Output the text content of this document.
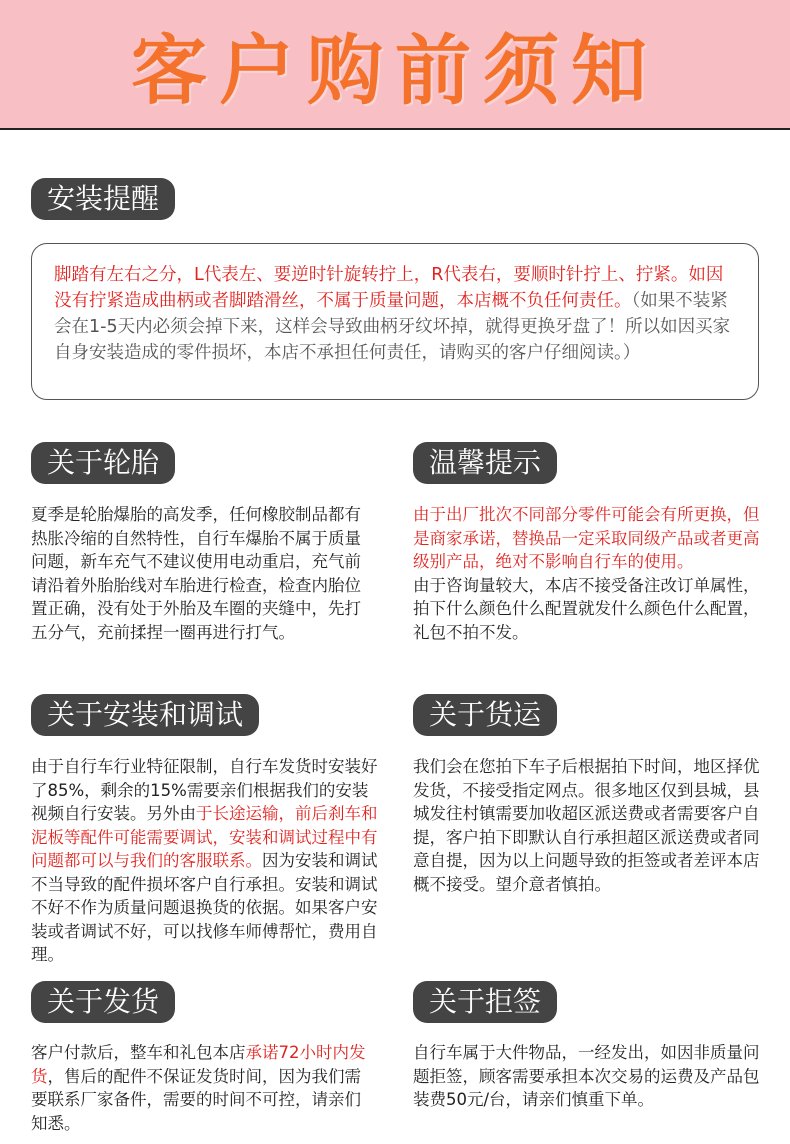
客户购前须知
安装提醒
脚踏有左右之分，L代表左、要逆时针旋转拧上，R代表右，要顺时针拧上、拧紧。如因没有拧紧造成曲柄或者脚踏滑丝，不属于质量问题，本店概不负任何责任。（如果不装紧会在1-5天内必须会掉下来，这样会导致曲柄牙纹坏掉，就得更换牙盘了！所以如因买家自身安装造成的零件损坏，本店不承担任何责任，请购买的客户仔细阅读。）
关于轮胎
夏季是轮胎爆胎的高发季，任何橡胶制品都有热胀冷缩的自然特性，自行车爆胎不属于质量问题，新车充气不建议使用电动重启，充气前请沿着外胎胎线对车胎进行检查，检查内胎位置正确，没有处于外胎及车圈的夹缝中，先打五分气，充前揉捏一圈再进行打气。
温馨提示
由于出厂批次不同部分零件可能会有所更换，但是商家承诺，替换品一定采取同级产品或者更高级别产品，绝对不影响自行车的使用。
由于咨询量较大，本店不接受备注改订单属性，拍下什么颜色什么配置就发什么颜色什么配置，礼包不拍不发。
关于安装和调试
由于自行车行业特征限制，自行车发货时安装好了85%，剩余的15%需要亲们根据我们的安装视频自行安装。另外由于长途运输，前后刹车和泥板等配件可能需要调试，安装和调试过程中有问题都可以与我们的客服联系。因为安装和调试不当导致的配件损坏客户自行承担。安装和调试不好不作为质量问题退换货的依据。如果客户安装或者调试不好，可以找修车师傅帮忙，费用自理。
关于货运
我们会在您拍下车子后根据拍下时间，地区择优发货，不接受指定网点。很多地区仅到县城，县城发往村镇需要加收超区派送费或者需要客户自提，客户拍下即默认自行承担超区派送费或者同意自提，因为以上问题导致的拒签或者差评本店概不接受。望介意者慎拍。
关于发货
客户付款后，整车和礼包本店承诺72小时内发货，售后的配件不保证发货时间，因为我们需要联系厂家备件，需要的时间不可控，请亲们知悉。
关于拒签
自行车属于大件物品，一经发出，如因非质量问题拒签，顾客需要承担本次交易的运费及产品包装费50元/台，请亲们慎重下单。
